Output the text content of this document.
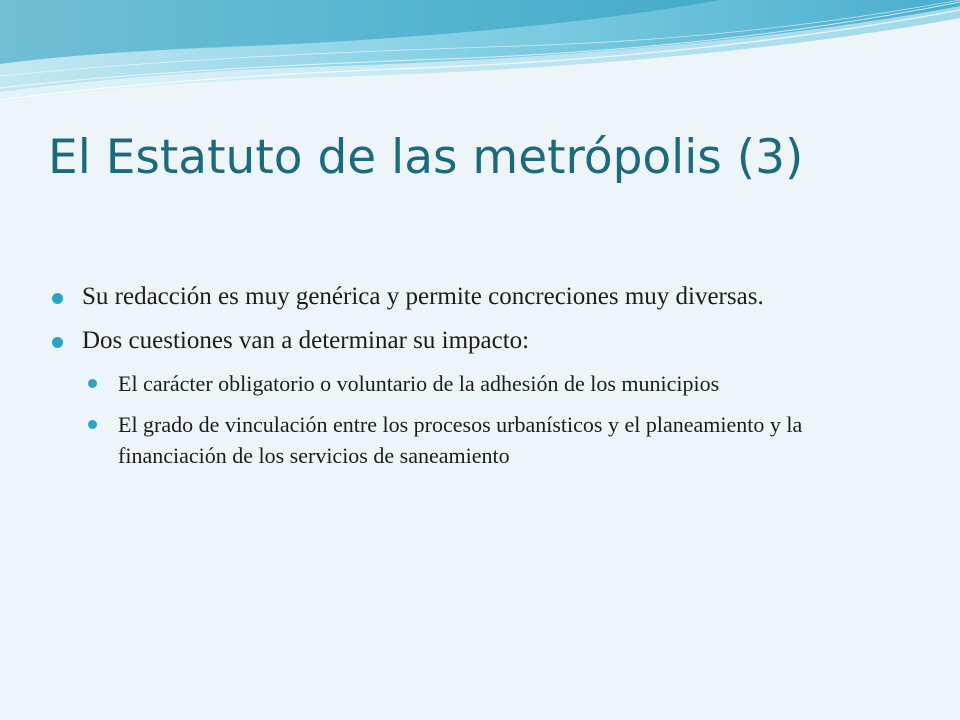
El Estatuto de las metrópolis (3)
Su redacción es muy genérica y permite concreciones muy diversas.
Dos cuestiones van a determinar su impacto:
El carácter obligatorio o voluntario de la adhesión de los municipios
El grado de vinculación entre los procesos urbanísticos y el planeamiento y la financiación de los servicios de saneamiento
